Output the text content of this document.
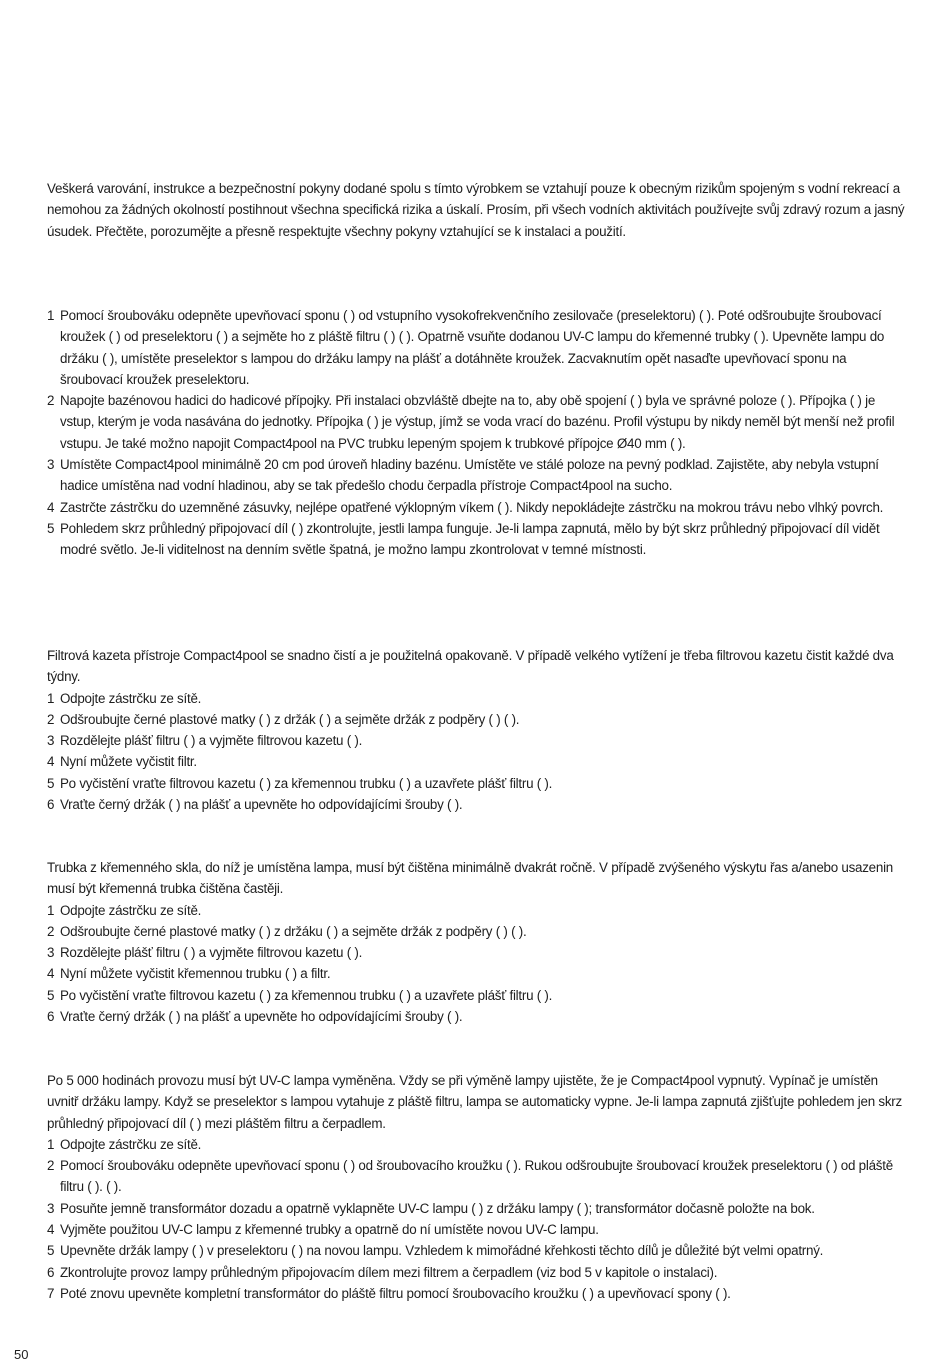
Veškerá varování, instrukce a bezpečnostní pokyny dodané spolu s tímto výrobkem se vztahují pouze k obecným rizikům spojeným s vodní rekreací a nemohou za žádných okolností postihnout všechna specifická rizika a úskalí. Prosím, při všech vodních aktivitách používejte svůj zdravý rozum a jasný úsudek. Přečtěte, porozumějte a přesně respektujte všechny pokyny vztahující se k instalaci a použití.

1 Pomocí šroubováku odepněte upevňovací sponu ( ) od vstupního vysokofrekvenčního zesilovače (preselektoru) ( ). Poté odšroubujte šroubovací kroužek ( ) od preselektoru ( ) a sejměte ho z pláště filtru ( ) ( ). Opatrně vsuňte dodanou UV-C lampu do křemenné trubky ( ). Upevněte lampu do držáku ( ), umístěte preselektor s lampou do držáku lampy na plášť a dotáhněte kroužek. Zacvaknutím opět nasaďte upevňovací sponu na šroubovací kroužek preselektoru.
2 Napojte bazénovou hadici do hadicové přípojky. Při instalaci obzvláště dbejte na to, aby obě spojení ( ) byla ve správné poloze ( ). Přípojka ( ) je vstup, kterým je voda nasávána do jednotky. Přípojka ( ) je výstup, jímž se voda vrací do bazénu. Profil výstupu by nikdy neměl být menší než profil vstupu. Je také možno napojit Compact4pool na PVC trubku lepeným spojem k trubkové přípojce Ø40 mm ( ).
3 Umístěte Compact4pool minimálně 20 cm pod úroveň hladiny bazénu. Umístěte ve stálé poloze na pevný podklad. Zajistěte, aby nebyla vstupní hadice umístěna nad vodní hladinou, aby se tak předešlo chodu čerpadla přístroje Compact4pool na sucho.
4 Zastrčte zástrčku do uzemněné zásuvky, nejlépe opatřené výklopným víkem ( ). Nikdy nepokládejte zástrčku na mokrou trávu nebo vlhký povrch.
5 Pohledem skrz průhledný připojovací díl ( ) zkontrolujte, jestli lampa funguje. Je-li lampa zapnutá, mělo by být skrz průhledný připojovací díl vidět modré světlo. Je-li viditelnost na denním světle špatná, je možno lampu zkontrolovat v temné místnosti.

Filtrová kazeta přístroje Compact4pool se snadno čistí a je použitelná opakovaně. V případě velkého vytížení je třeba filtrovou kazetu čistit každé dva týdny.

1 Odpojte zástrčku ze sítě.
2 Odšroubujte černé plastové matky ( ) z držák ( ) a sejměte držák z podpěry ( ) ( ).
3 Rozdělejte plášť filtru ( ) a vyjměte filtrovou kazetu ( ).
4 Nyní můžete vyčistit filtr.
5 Po vyčistění vraťte filtrovou kazetu ( ) za křemennou trubku ( ) a uzavřete plášť filtru ( ).
6 Vraťte černý držák ( ) na plášť a upevněte ho odpovídajícími šrouby ( ).

Trubka z křemenného skla, do níž je umístěna lampa, musí být čištěna minimálně dvakrát ročně. V případě zvýšeného výskytu řas a/anebo usazenin musí být křemenná trubka čištěna častěji.

1 Odpojte zástrčku ze sítě.
2 Odšroubujte černé plastové matky ( ) z držáku ( ) a sejměte držák z podpěry ( ) ( ).
3 Rozdělejte plášť filtru ( ) a vyjměte filtrovou kazetu ( ).
4 Nyní můžete vyčistit křemennou trubku ( ) a filtr.
5 Po vyčistění vraťte filtrovou kazetu ( ) za křemennou trubku ( ) a uzavřete plášť filtru ( ).
6 Vraťte černý držák ( ) na plášť a upevněte ho odpovídajícími šrouby ( ).

Po 5 000 hodinách provozu musí být UV-C lampa vyměněna. Vždy se při výměně lampy ujistěte, že je Compact4pool vypnutý. Vypínač je umístěn uvnitř držáku lampy. Když se preselektor s lampou vytahuje z pláště filtru, lampa se automaticky vypne. Je-li lampa zapnutá zjišťujte pohledem jen skrz průhledný připojovací díl ( ) mezi pláštěm filtru a čerpadlem.

1 Odpojte zástrčku ze sítě.
2 Pomocí šroubováku odepněte upevňovací sponu ( ) od šroubovacího kroužku ( ). Rukou odšroubujte šroubovací kroužek preselektoru ( ) od pláště filtru ( ). ( ).
3 Posuňte jemně transformátor dozadu a opatrně vyklapněte UV-C lampu ( ) z držáku lampy ( ); transformátor dočasně položte na bok.
4 Vyjměte použitou UV-C lampu z křemenné trubky a opatrně do ní umístěte novou UV-C lampu.
5 Upevněte držák lampy ( ) v preselektoru ( ) na novou lampu. Vzhledem k mimořádné křehkosti těchto dílů je důležité být velmi opatrný.
6 Zkontrolujte provoz lampy průhledným připojovacím dílem mezi filtrem a čerpadlem (viz bod 5 v kapitole o instalaci).
7 Poté znovu upevněte kompletní transformátor do pláště filtru pomocí šroubovacího kroužku ( ) a upevňovací spony ( ).
50
